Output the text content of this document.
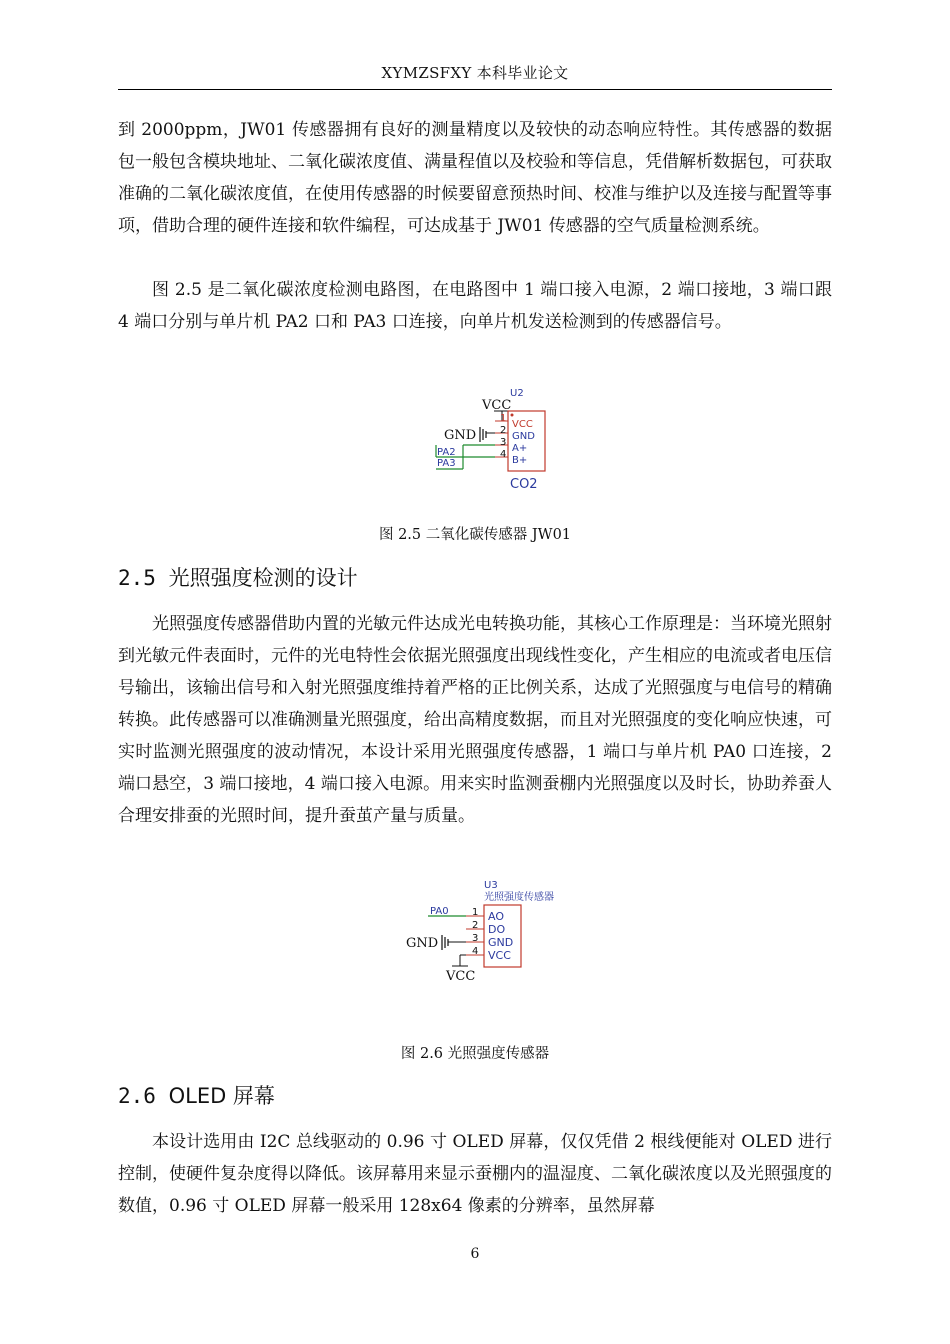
XYMZSFXY 本科毕业论文

到 2000ppm，JW01 传感器拥有良好的测量精度以及较快的动态响应特性。其传感器的数据包一般包含模块地址、二氧化碳浓度值、满量程值以及校验和等信息，凭借解析数据包，可获取准确的二氧化碳浓度值，在使用传感器的时候要留意预热时间、校准与维护以及连接与配置等事项，借助合理的硬件连接和软件编程，可达成基于 JW01 传感器的空气质量检测系统。

图 2.5 是二氧化碳浓度检测电路图，在电路图中 1 端口接入电源，2 端口接地，3 端口跟 4 端口分别与单片机 PA2 口和 PA3 口连接，向单片机发送检测到的传感器信号。

U2
VCC
1
2
3
4
VCC
GND
A+
B+
GND
PA2
PA3
CO2
图 2.5 二氧化碳传感器 JW01
2.5 光照强度检测的设计

光照强度传感器借助内置的光敏元件达成光电转换功能，其核心工作原理是：当环境光照射到光敏元件表面时，元件的光电特性会依据光照强度出现线性变化，产生相应的电流或者电压信号输出，该输出信号和入射光照强度维持着严格的正比例关系，达成了光照强度与电信号的精确转换。此传感器可以准确测量光照强度，给出高精度数据，而且对光照强度的变化响应快速，可实时监测光照强度的波动情况，本设计采用光照强度传感器，1 端口与单片机 PA0 口连接，2 端口悬空，3 端口接地，4 端口接入电源。用来实时监测蚕棚内光照强度以及时长，协助养蚕人合理安排蚕的光照时间，提升蚕茧产量与质量。

U3
光照强度传感器
1
2
3
4
AO
DO
GND
VCC
PA0
GND
VCC
图 2.6 光照强度传感器
2.6 OLED 屏幕

本设计选用由 I2C 总线驱动的 0.96 寸 OLED 屏幕，仅仅凭借 2 根线便能对 OLED 进行控制，使硬件复杂度得以降低。该屏幕用来显示蚕棚内的温湿度、二氧化碳浓度以及光照强度的数值，0.96 寸 OLED 屏幕一般采用 128x64 像素的分辨率，虽然屏幕

6
